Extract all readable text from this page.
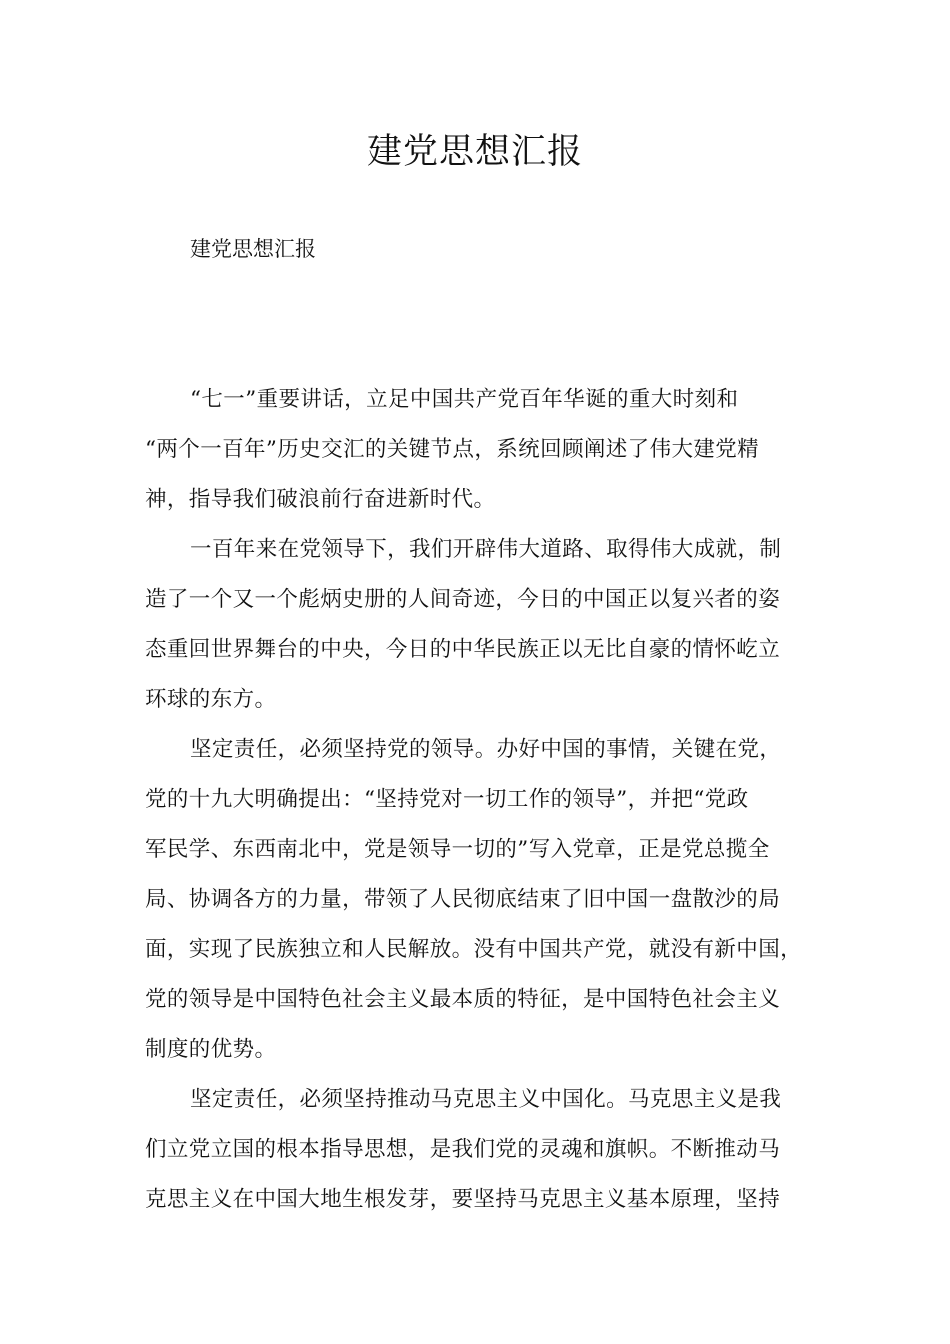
建党思想汇报

建党思想汇报

“七一”重要讲话，立足中国共产党百年华诞的重大时刻和
“两个一百年”历史交汇的关键节点，系统回顾阐述了伟大建党精
神，指导我们破浪前行奋进新时代。

一百年来在党领导下，我们开辟伟大道路、取得伟大成就，制
造了一个又一个彪炳史册的人间奇迹，今日的中国正以复兴者的姿
态重回世界舞台的中央，今日的中华民族正以无比自豪的情怀屹立
环球的东方。

坚定责任，必须坚持党的领导。办好中国的事情，关键在党，
党的十九大明确提出：“坚持党对一切工作的领导”，并把“党政
军民学、东西南北中，党是领导一切的”写入党章，正是党总揽全
局、协调各方的力量，带领了人民彻底结束了旧中国一盘散沙的局
面，实现了民族独立和人民解放。没有中国共产党，就没有新中国，
党的领导是中国特色社会主义最本质的特征，是中国特色社会主义
制度的优势。

坚定责任，必须坚持推动马克思主义中国化。马克思主义是我
们立党立国的根本指导思想，是我们党的灵魂和旗帜。不断推动马
克思主义在中国大地生根发芽，要坚持马克思主义基本原理，坚持
